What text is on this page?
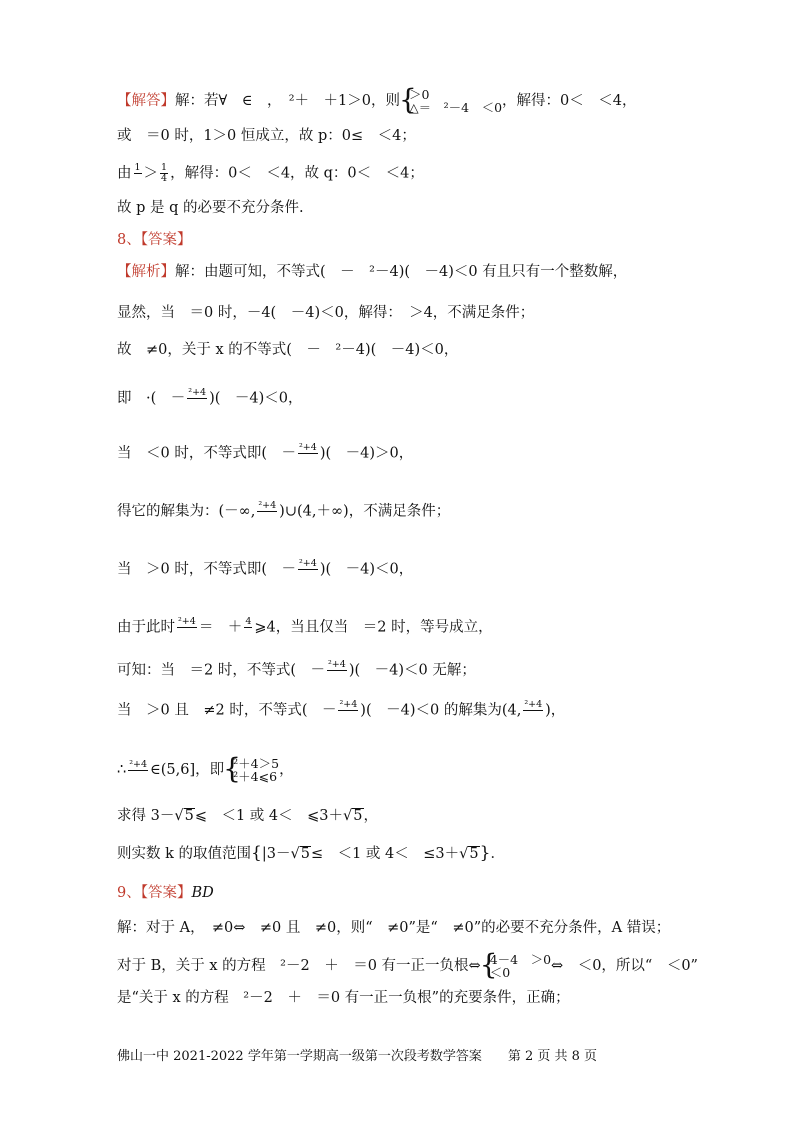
【解答】解：若∀　∈　，　²＋　＋1＞0，则 { ＞0
△＝　²－4　＜0 ，解得：0＜　＜4，
或　＝0 时，1＞0 恒成立，故 p：0≤　＜4；
由 1
＞ $\frac{1}{4}$ ，解得：0＜　＜4，故 q：0＜　＜4；
故 p 是 q 的必要不充分条件.
8、【答案】
【解析】解：由题可知，不等式(　－　²－4)(　－4)＜0 有且只有一个整数解，
显然，当　＝0 时，－4(　－4)＜0，解得：　＞4，不满足条件；
故　≠0，关于 x 的不等式(　－　²－4)(　－4)＜0，
即　·(　－ ²+4
)(　－4)＜0，
当　＜0 时，不等式即(　－ ²+4
)(　－4)＞0，
得它的解集为：(－∞, ²+4
)∪(4,＋∞)，不满足条件；
当　＞0 时，不等式即(　－ ²+4
)(　－4)＜0，
由于此时 ²+4
＝　＋ 4
⩾4，当且仅当　＝2 时，等号成立，
可知：当　＝2 时，不等式(　－ ²+4
)(　－4)＜0 无解；
当　＞0 且　≠2 时，不等式(　－ ²+4
)(　－4)＜0 的解集为(4, ²+4
)，
∴ ²+4
∈(5,6]，即 { ²＋4＞5
²＋4⩽6 ，
求得 3－√5⩽　＜1 或 4＜　⩽3＋√5，
则实数 k 的取值范围{|3－√5≤　＜1 或 4＜　≤3＋√5}．
9、【答案】BD
解：对于 A，　≠0⇔　≠0 且　≠0，则“　≠0”是“　≠0”的必要不充分条件，A 错误；
对于 B，关于 x 的方程　²－2　＋　＝0 有一正一负根⇔ { 4－4　＞0
＜0	⇔　＜0，所以“　＜0”
是“关于 x 的方程　²－2　＋　＝0 有一正一负根”的充要条件，正确；
佛山一中 2021-2022 学年第一学期高一级第一次段考数学答案　　第 2 页 共 8 页
